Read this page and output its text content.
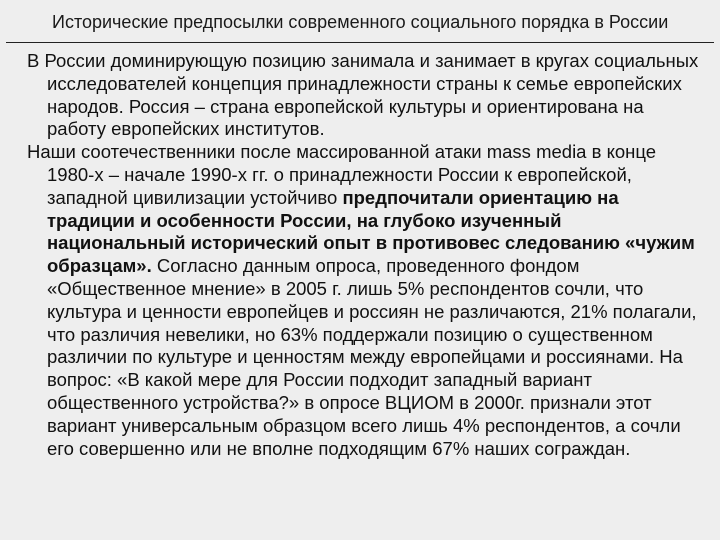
Исторические предпосылки современного социального порядка в России

В России доминирующую позицию занимала и занимает в кругах социальных исследователей концепция принадлежности страны к семье европейских народов. Россия – страна европейской культуры и ориентирована на работу европейских институтов.

Наши соотечественники после массированной атаки mass media в конце 1980-х – начале 1990-х гг. о принадлежности России к европейской, западной цивилизации устойчиво предпочитали ориентацию на традиции и особенности России, на глубоко изученный национальный исторический опыт в противовес следованию «чужим образцам». Согласно данным опроса, проведенного фондом «Общественное мнение» в 2005 г. лишь 5% респондентов сочли, что культура и ценности европейцев и россиян не различаются, 21% полагали, что различия невелики, но 63% поддержали позицию о существенном различии по культуре и ценностям между европейцами и россиянами. На вопрос: «В какой мере для России подходит западный вариант общественного устройства?» в опросе ВЦИОМ в 2000г. признали этот вариант универсальным образцом всего лишь 4% респондентов, а сочли его совершенно или не вполне подходящим 67% наших сограждан.
